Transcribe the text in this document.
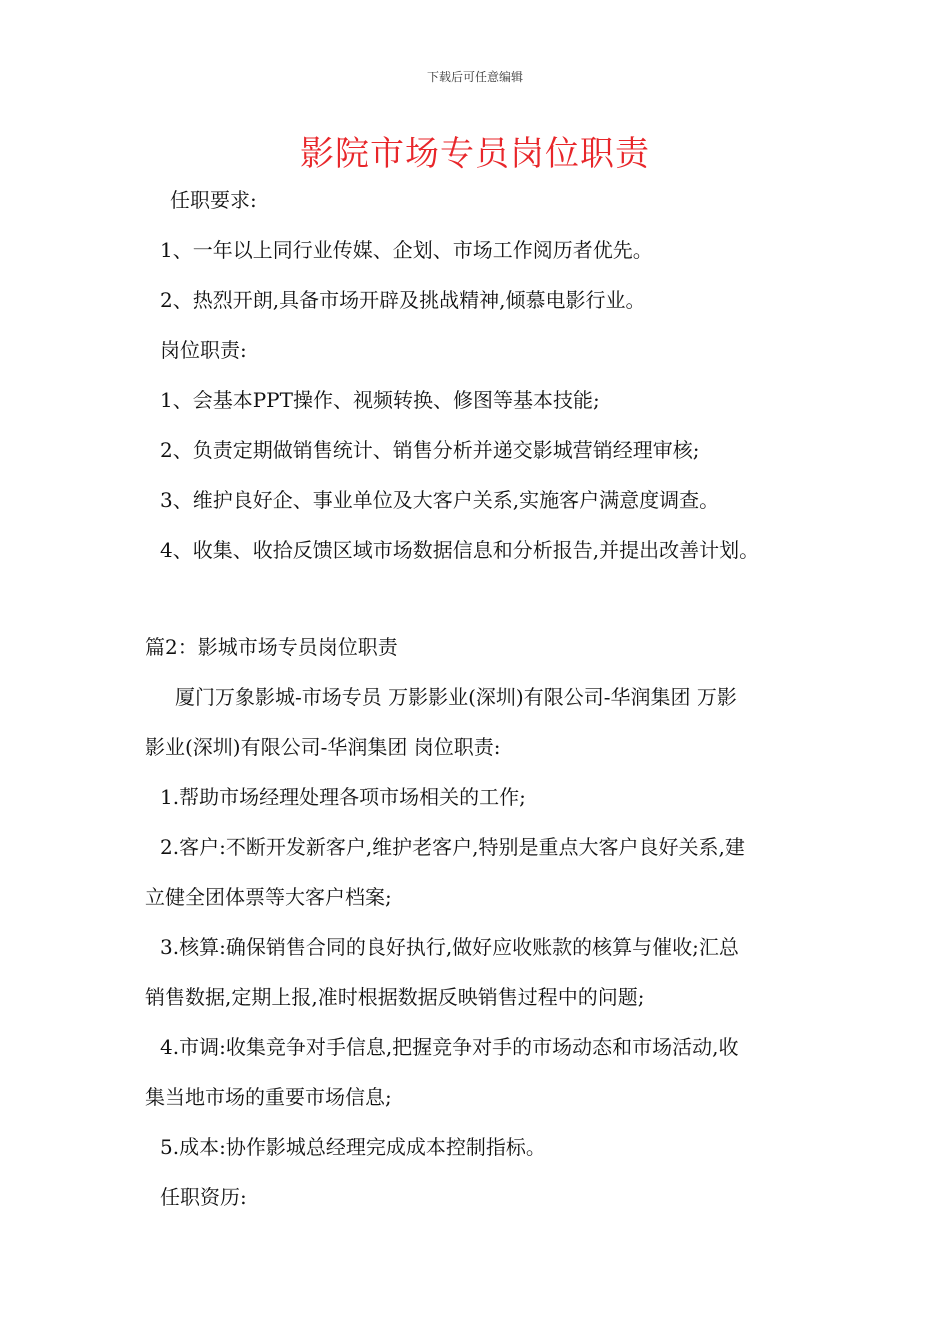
下载后可任意编辑
影院市场专员岗位职责
任职要求:
1、一年以上同行业传媒、企划、市场工作阅历者优先。
2、热烈开朗,具备市场开辟及挑战精神,倾慕电影行业。
岗位职责:
1、会基本PPT操作、视频转换、修图等基本技能;
2、负责定期做销售统计、销售分析并递交影城营销经理审核;
3、维护良好企、事业单位及大客户关系,实施客户满意度调查。
4、收集、收拾反馈区域市场数据信息和分析报告,并提出改善计划。
篇2：影城市场专员岗位职责
厦门万象影城-市场专员 万影影业(深圳)有限公司-华润集团 万影
影业(深圳)有限公司-华润集团 岗位职责:
1.帮助市场经理处理各项市场相关的工作;
2.客户:不断开发新客户,维护老客户,特别是重点大客户良好关系,建
立健全团体票等大客户档案;
3.核算:确保销售合同的良好执行,做好应收账款的核算与催收;汇总
销售数据,定期上报,准时根据数据反映销售过程中的问题;
4.市调:收集竞争对手信息,把握竞争对手的市场动态和市场活动,收
集当地市场的重要市场信息;
5.成本:协作影城总经理完成成本控制指标。
任职资历:
